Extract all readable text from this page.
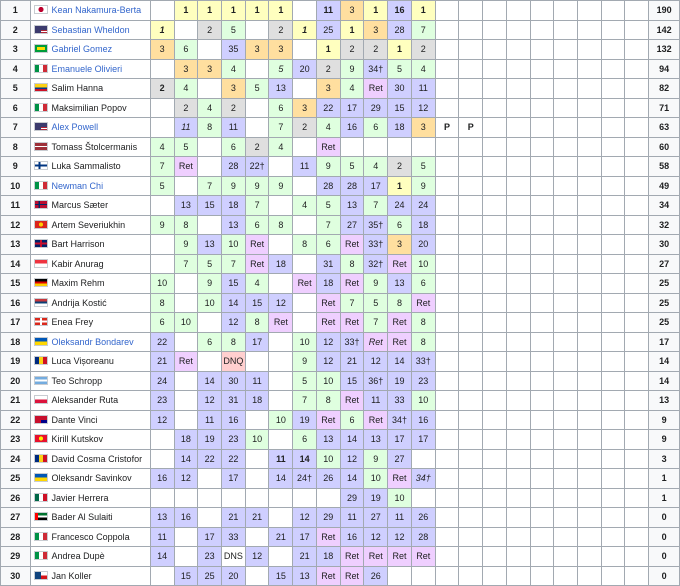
1	Kean Nakamura-Berta		1	1	1	1	1		11	3	1	16	1										190
2	Sebastian Wheldon	1		2	5		2	1	25	1	3	28	7										142
3	Gabriel Gomez	3	6		35	3	3		1	2	2	1	2										132
4	Emanuele Olivieri		3	3	4		5	20	2	9	34†	5	4										94
5	Salim Hanna	2	4		3	5	13		3	4	Ret	30	11										82
6	Maksimilian Popov		2	4	2		6	3	22	17	29	15	12										71
7	Alex Powell		11	8	11		7	2	4	16	6	18	3	P	P								63
8	Tomass Štolcermanis	4	5		6	2	4		Ret														60
9	Luka Sammalisto	7	Ret		28	22†		11	9	5	4	2	5										58
10	Newman Chi	5		7	9	9	9		28	28	17	1	9										49
11	Marcus Sæter		13	15	18	7		4	5	13	7	24	24										34
12	Artem Severiukhin	9	8		13	6	8		7	27	35†	6	18										32
13	Bart Harrison		9	13	10	Ret		8	6	Ret	33†	3	20										30
14	Kabir Anurag		7	5	7	Ret	18		31	8	32†	Ret	10										27
15	Maxim Rehm	10		9	15	4		Ret	18	Ret	9	13	6										25
16	Andrija Kostić	8		10	14	15	12		Ret	7	5	8	Ret										25
17	Enea Frey	6	10		12	8	Ret		Ret	Ret	7	Ret	8										25
18	Oleksandr Bondarev	22		6	8	17		10	12	33†	Ret	Ret	8										17
19	Luca Vișoreanu	21	Ret		DNQ			9	12	21	12	14	33†										14
20	Teo Schropp	24		14	30	11		5	10	15	36†	19	23										14
21	Aleksander Ruta	23		12	31	18		7	8	Ret	11	33	10										13
22	Dante Vinci	12		11	16		10	19	Ret	6	Ret	34†	16										9
23	Kirill Kutskov		18	19	23	10		6	13	14	13	17	17										9
24	David Cosma Cristofor		14	22	22		11	14	10	12	9	27											3
25	Oleksandr Savinkov	16	12		17		14	24†	26	14	10	Ret	34†										1
26	Javier Herrera									29	19	10											1
27	Bader Al Sulaiti	13	16		21	21		12	29	11	27	11	26										0
28	Francesco Coppola	11		17	33		21	17	Ret	16	12	12	28										0
29	Andrea Dupè	14		23	DNS	12		21	18	Ret	Ret	Ret	Ret										0
30	Jan Koller		15	25	20		15	13	Ret	Ret	26												0
